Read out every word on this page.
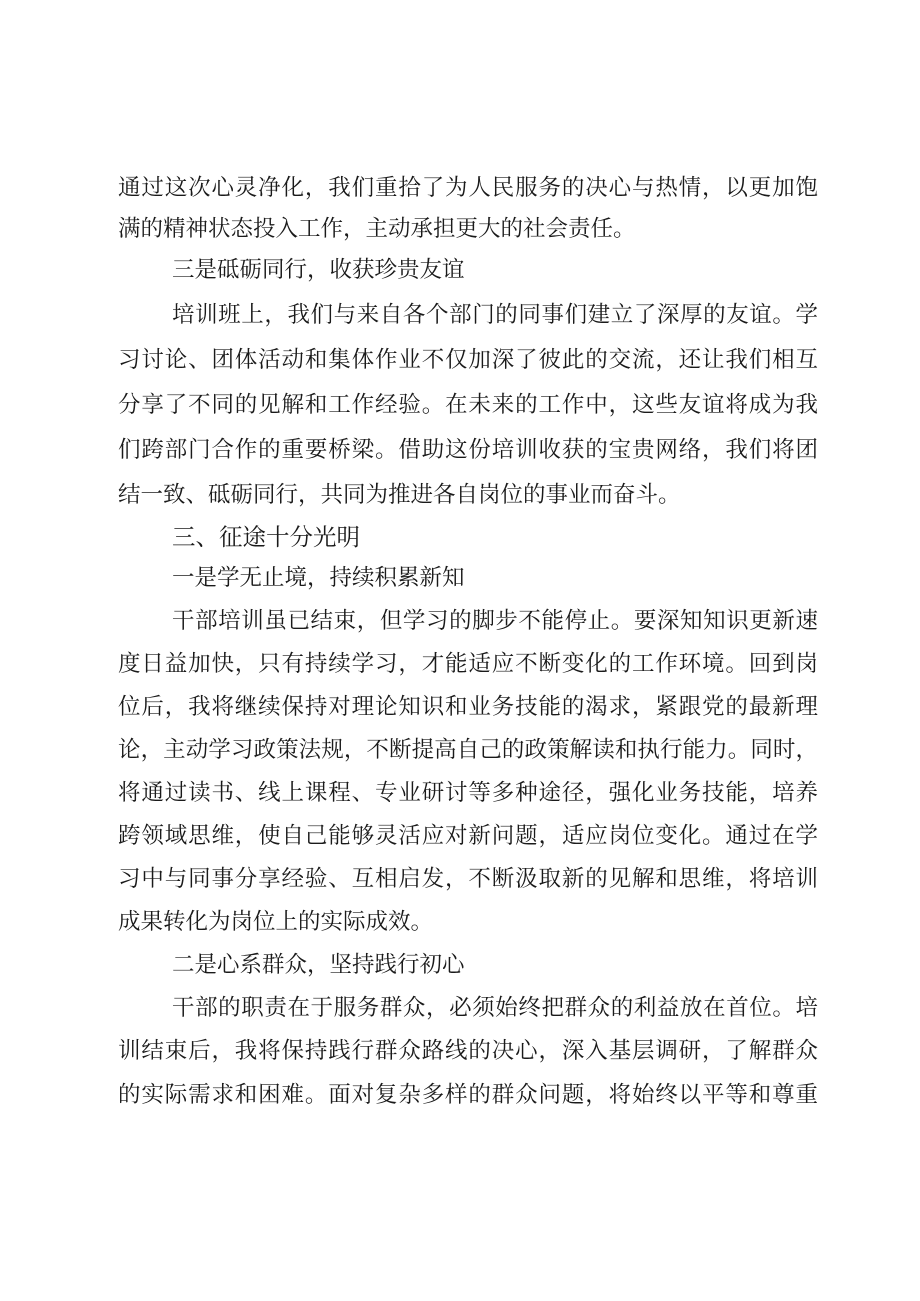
通过这次心灵净化，我们重拾了为人民服务的决心与热情，以更加饱
满的精神状态投入工作，主动承担更大的社会责任。
三是砥砺同行，收获珍贵友谊
培训班上，我们与来自各个部门的同事们建立了深厚的友谊。学
习讨论、团体活动和集体作业不仅加深了彼此的交流，还让我们相互
分享了不同的见解和工作经验。在未来的工作中，这些友谊将成为我
们跨部门合作的重要桥梁。借助这份培训收获的宝贵网络，我们将团
结一致、砥砺同行，共同为推进各自岗位的事业而奋斗。
三、征途十分光明
一是学无止境，持续积累新知
干部培训虽已结束，但学习的脚步不能停止。要深知知识更新速
度日益加快，只有持续学习，才能适应不断变化的工作环境。回到岗
位后，我将继续保持对理论知识和业务技能的渴求，紧跟党的最新理
论，主动学习政策法规，不断提高自己的政策解读和执行能力。同时，
将通过读书、线上课程、专业研讨等多种途径，强化业务技能，培养
跨领域思维，使自己能够灵活应对新问题，适应岗位变化。通过在学
习中与同事分享经验、互相启发，不断汲取新的见解和思维，将培训
成果转化为岗位上的实际成效。
二是心系群众，坚持践行初心
干部的职责在于服务群众，必须始终把群众的利益放在首位。培
训结束后，我将保持践行群众路线的决心，深入基层调研，了解群众
的实际需求和困难。面对复杂多样的群众问题，将始终以平等和尊重
